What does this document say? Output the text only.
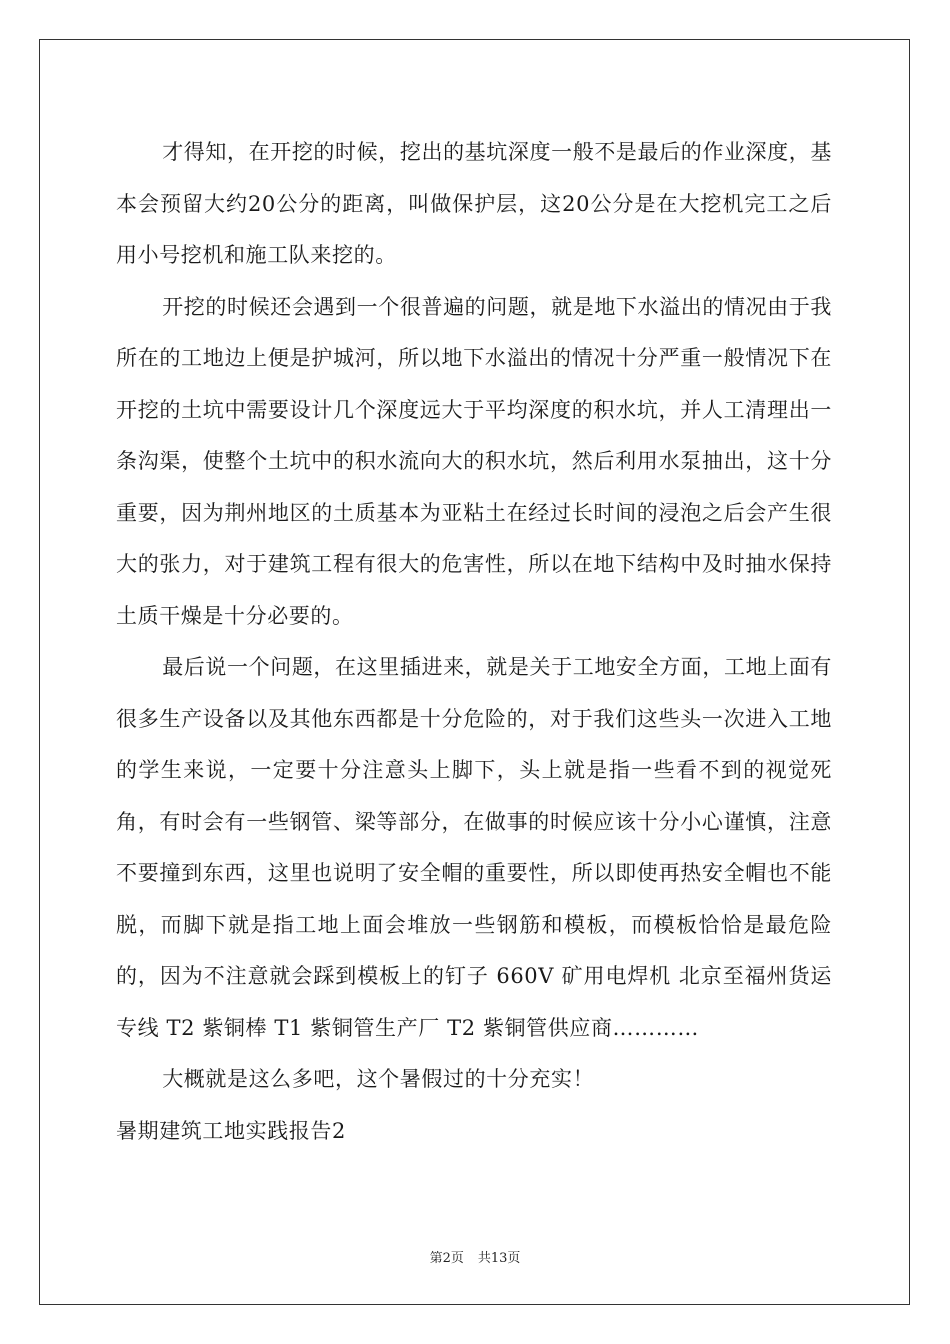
才得知，在开挖的时候，挖出的基坑深度一般不是最后的作业深度，基本会预留大约20公分的距离，叫做保护层，这20公分是在大挖机完工之后用小号挖机和施工队来挖的。

开挖的时候还会遇到一个很普遍的问题，就是地下水溢出的情况由于我所在的工地边上便是护城河，所以地下水溢出的情况十分严重一般情况下在开挖的土坑中需要设计几个深度远大于平均深度的积水坑，并人工清理出一条沟渠，使整个土坑中的积水流向大的积水坑，然后利用水泵抽出，这十分重要，因为荆州地区的土质基本为亚粘土在经过长时间的浸泡之后会产生很大的张力，对于建筑工程有很大的危害性，所以在地下结构中及时抽水保持土质干燥是十分必要的。

最后说一个问题，在这里插进来，就是关于工地安全方面，工地上面有很多生产设备以及其他东西都是十分危险的，对于我们这些头一次进入工地的学生来说，一定要十分注意头上脚下，头上就是指一些看不到的视觉死角，有时会有一些钢管、梁等部分，在做事的时候应该十分小心谨慎，注意不要撞到东西，这里也说明了安全帽的重要性，所以即使再热安全帽也不能脱，而脚下就是指工地上面会堆放一些钢筋和模板，而模板恰恰是最危险的，因为不注意就会踩到模板上的钉子 660V 矿用电焊机 北京至福州货运专线 T2 紫铜棒 T1 紫铜管生产厂 T2 紫铜管供应商…………

大概就是这么多吧，这个暑假过的十分充实！

暑期建筑工地实践报告2

第2页 共13页
